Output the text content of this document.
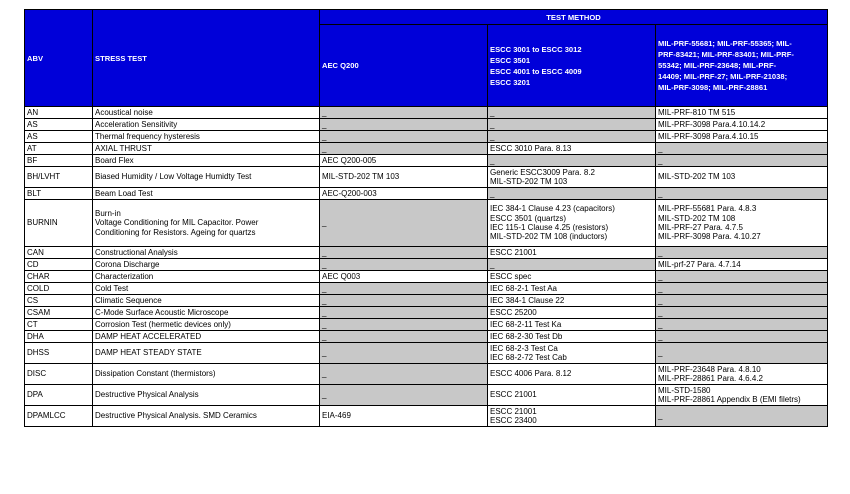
ABV	STRESS TEST	TEST METHOD		
		AEC Q200	ESCC 3001 to ESCC 3012
ESCC 3501
ESCC 4001 to ESCC 4009
ESCC 3201	MIL-PRF-55681; MIL-PRF-55365; MIL-
PRF-83421; MIL-PRF-83401; MIL-PRF-
55342; MIL-PRF-23648; MIL-PRF-
14409; MIL-PRF-27; MIL-PRF-21038;
MIL-PRF-3098; MIL-PRF-28861

AN	Acoustical noise	_	_	MIL-PRF-810 TM 515

AS	Acceleration Sensitivity	_	_	MIL-PRF-3098 Para.4.10.14.2

AS	Thermal frequency hysteresis	_	_	MIL-PRF-3098 Para.4.10.15

AT	AXIAL THRUST	_	ESCC 3010 Para. 8.13	_

BF	Board Flex	AEC Q200-005	_	_

BH/LVHT	Biased Humidity / Low Voltage Humidty Test	MIL-STD-202 TM 103	Generic ESCC3009 Para. 8.2
MIL-STD-202 TM 103	MIL-STD-202 TM 103

BLT	Beam Load Test	AEC-Q200-003	_	_

BURNIN	Burn-in
Voltage Conditioning for MIL Capacitor. Power
Conditioning for Resistors. Ageing for quartzs	_	IEC 384-1 Clause 4.23 (capacitors)
ESCC 3501 (quartzs)
IEC 115-1 Clause 4.25 (resistors)
MIL-STD-202 TM 108 (inductors)	MIL-PRF-55681 Para. 4.8.3
MIL-STD-202 TM 108
MIL-PRF-27 Para. 4.7.5
MIL-PRF-3098 Para. 4.10.27

CAN	Constructional Analysis	_	ESCC 21001	_

CD	Corona Discharge	_	_	MIL-prf-27 Para. 4.7.14

CHAR	Characterization	AEC Q003	ESCC spec	_

COLD	Cold Test	_	IEC 68-2-1 Test Aa	_

CS	Climatic Sequence	_	IEC 384-1 Clause 22	_

CSAM	C-Mode Surface Acoustic Microscope	_	ESCC 25200	_

CT	Corrosion Test (hermetic devices only)	_	IEC 68-2-11 Test Ka	_

DHA	DAMP HEAT ACCELERATED	_	IEC 68-2-30 Test Db	_

DHSS	DAMP HEAT STEADY STATE	_	IEC 68-2-3 Test Ca
IEC 68-2-72 Test Cab	_

DISC	Dissipation Constant (thermistors)	_	ESCC 4006 Para. 8.12	MIL-PRF-23648 Para. 4.8.10
MIL-PRF-28861 Para. 4.6.4.2

DPA	Destructive Physical Analysis	_	ESCC 21001	MIL-STD-1580
MIL-PRF-28861 Appendix B (EMI filetrs)

DPAMLCC	Destructive Physical Analysis. SMD Ceramics	EIA-469	ESCC 21001
ESCC 23400	_
